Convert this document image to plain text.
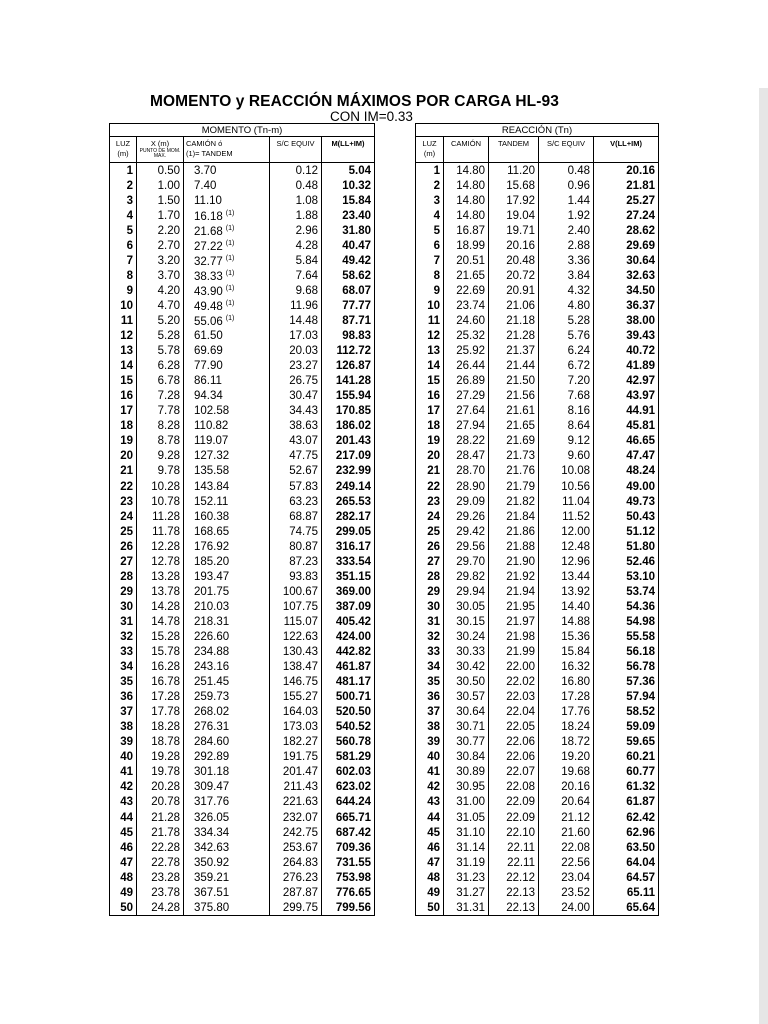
MOMENTO y REACCIÓN MÁXIMOS POR CARGA HL-93
CON IM=0.33
MOMENTO (Tn-m)				
LUZ	X (m)	CAMIÓN ó	S/C EQUIV	M(LL+IM)
(m)	PUNTO DE MOM. MAX.	(1)= TANDEM		
1	0.50	3.70	0.12	5.04
2	1.00	7.40	0.48	10.32
3	1.50	11.10	1.08	15.84
4	1.70	16.18 $^{(1)}$	1.88	23.40
5	2.20	21.68 $^{(1)}$	2.96	31.80
6	2.70	27.22 $^{(1)}$	4.28	40.47
7	3.20	32.77 $^{(1)}$	5.84	49.42
8	3.70	38.33 $^{(1)}$	7.64	58.62
9	4.20	43.90 $^{(1)}$	9.68	68.07
10	4.70	49.48 $^{(1)}$	11.96	77.77
11	5.20	55.06 $^{(1)}$	14.48	87.71
12	5.28	61.50	17.03	98.83
13	5.78	69.69	20.03	112.72
14	6.28	77.90	23.27	126.87
15	6.78	86.11	26.75	141.28
16	7.28	94.34	30.47	155.94
17	7.78	102.58	34.43	170.85
18	8.28	110.82	38.63	186.02
19	8.78	119.07	43.07	201.43
20	9.28	127.32	47.75	217.09
21	9.78	135.58	52.67	232.99
22	10.28	143.84	57.83	249.14
23	10.78	152.11	63.23	265.53
24	11.28	160.38	68.87	282.17
25	11.78	168.65	74.75	299.05
26	12.28	176.92	80.87	316.17
27	12.78	185.20	87.23	333.54
28	13.28	193.47	93.83	351.15
29	13.78	201.75	100.67	369.00
30	14.28	210.03	107.75	387.09
31	14.78	218.31	115.07	405.42
32	15.28	226.60	122.63	424.00
33	15.78	234.88	130.43	442.82
34	16.28	243.16	138.47	461.87
35	16.78	251.45	146.75	481.17
36	17.28	259.73	155.27	500.71
37	17.78	268.02	164.03	520.50
38	18.28	276.31	173.03	540.52
39	18.78	284.60	182.27	560.78
40	19.28	292.89	191.75	581.29
41	19.78	301.18	201.47	602.03
42	20.28	309.47	211.43	623.02
43	20.78	317.76	221.63	644.24
44	21.28	326.05	232.07	665.71
45	21.78	334.34	242.75	687.42
46	22.28	342.63	253.67	709.36
47	22.78	350.92	264.83	731.55
48	23.28	359.21	276.23	753.98
49	23.78	367.51	287.87	776.65
50	24.28	375.80	299.75	799.56
REACCIÓN (Tn)				
LUZ	CAMIÓN	TANDEM	S/C EQUIV	V(LL+IM)
(m)				
1	14.80	11.20	0.48	20.16
2	14.80	15.68	0.96	21.81
3	14.80	17.92	1.44	25.27
4	14.80	19.04	1.92	27.24
5	16.87	19.71	2.40	28.62
6	18.99	20.16	2.88	29.69
7	20.51	20.48	3.36	30.64
8	21.65	20.72	3.84	32.63
9	22.69	20.91	4.32	34.50
10	23.74	21.06	4.80	36.37
11	24.60	21.18	5.28	38.00
12	25.32	21.28	5.76	39.43
13	25.92	21.37	6.24	40.72
14	26.44	21.44	6.72	41.89
15	26.89	21.50	7.20	42.97
16	27.29	21.56	7.68	43.97
17	27.64	21.61	8.16	44.91
18	27.94	21.65	8.64	45.81
19	28.22	21.69	9.12	46.65
20	28.47	21.73	9.60	47.47
21	28.70	21.76	10.08	48.24
22	28.90	21.79	10.56	49.00
23	29.09	21.82	11.04	49.73
24	29.26	21.84	11.52	50.43
25	29.42	21.86	12.00	51.12
26	29.56	21.88	12.48	51.80
27	29.70	21.90	12.96	52.46
28	29.82	21.92	13.44	53.10
29	29.94	21.94	13.92	53.74
30	30.05	21.95	14.40	54.36
31	30.15	21.97	14.88	54.98
32	30.24	21.98	15.36	55.58
33	30.33	21.99	15.84	56.18
34	30.42	22.00	16.32	56.78
35	30.50	22.02	16.80	57.36
36	30.57	22.03	17.28	57.94
37	30.64	22.04	17.76	58.52
38	30.71	22.05	18.24	59.09
39	30.77	22.06	18.72	59.65
40	30.84	22.06	19.20	60.21
41	30.89	22.07	19.68	60.77
42	30.95	22.08	20.16	61.32
43	31.00	22.09	20.64	61.87
44	31.05	22.09	21.12	62.42
45	31.10	22.10	21.60	62.96
46	31.14	22.11	22.08	63.50
47	31.19	22.11	22.56	64.04
48	31.23	22.12	23.04	64.57
49	31.27	22.13	23.52	65.11
50	31.31	22.13	24.00	65.64
